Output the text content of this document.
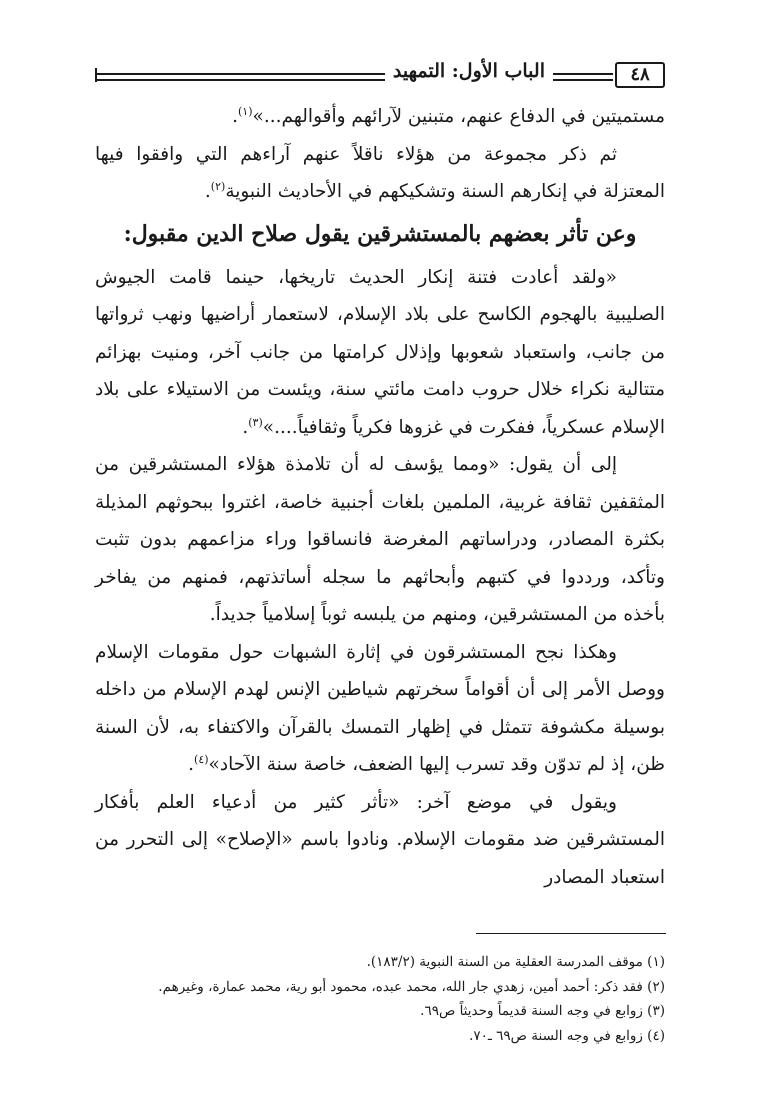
٤٨
الباب الأول: التمهيد

مستميتين في الدفاع عنهم، متبنين لآرائهم وأقوالهم...»$^{(١)}$.

ثم ذكر مجموعة من هؤلاء ناقلاً عنهم آراءهم التي وافقوا فيها المعتزلة في إنكارهم السنة وتشكيكهم في الأحاديث النبوية$^{(٢)}$.

وعن تأثر بعضهم بالمستشرقين يقول صلاح الدين مقبول:

«ولقد أعادت فتنة إنكار الحديث تاريخها، حينما قامت الجيوش الصليبية بالهجوم الكاسح على بلاد الإسلام، لاستعمار أراضيها ونهب ثرواتها من جانب، واستعباد شعوبها وإذلال كرامتها من جانب آخر، ومنيت بهزائم متتالية نكراء خلال حروب دامت مائتي سنة، ويئست من الاستيلاء على بلاد الإسلام عسكرياً، ففكرت في غزوها فكرياً وثقافياً....»$^{(٣)}$.

إلى أن يقول: «ومما يؤسف له أن تلامذة هؤلاء المستشرقين من المثقفين ثقافة غربية، الملمين بلغات أجنبية خاصة، اغتروا ببحوثهم المذيلة بكثرة المصادر، ودراساتهم المغرضة فانساقوا وراء مزاعمهم بدون تثبت وتأكد، ورددوا في كتبهم وأبحاثهم ما سجله أساتذتهم، فمنهم من يفاخر بأخذه من المستشرقين، ومنهم من يلبسه ثوباً إسلامياً جديداً.

وهكذا نجح المستشرقون في إثارة الشبهات حول مقومات الإسلام ووصل الأمر إلى أن أقواماً سخرتهم شياطين الإنس لهدم الإسلام من داخله بوسيلة مكشوفة تتمثل في إظهار التمسك بالقرآن والاكتفاء به، لأن السنة ظن، إذ لم تدوّن وقد تسرب إليها الضعف، خاصة سنة الآحاد»$^{(٤)}$.

ويقول في موضع آخر: «تأثر كثير من أدعياء العلم بأفكار المستشرقين ضد مقومات الإسلام. ونادوا باسم «الإصلاح» إلى التحرر من استعباد المصادر

(١) موقف المدرسة العقلية من السنة النبوية (١٨٣/٢).

(٢) فقد ذكر: أحمد أمين، زهدي جار الله، محمد عبده، محمود أبو رية، محمد عمارة، وغيرهم.

(٣) زوابع في وجه السنة قديماً وحديثاً ص٦٩.

(٤) زوابع في وجه السنة ص٦٩ ـ٧٠.
